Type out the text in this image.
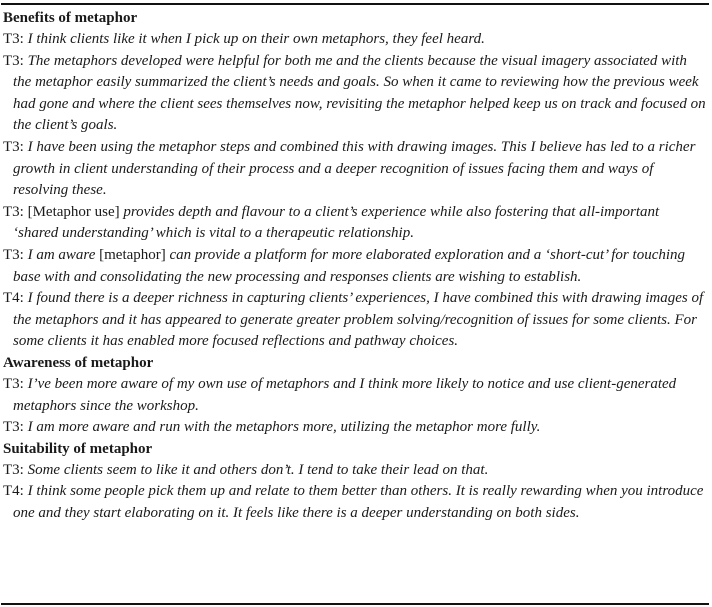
Benefits of metaphor
T3: I think clients like it when I pick up on their own metaphors, they feel heard.
T3: The metaphors developed were helpful for both me and the clients because the visual imagery associated with the metaphor easily summarized the client’s needs and goals. So when it came to reviewing how the previous week had gone and where the client sees themselves now, revisiting the metaphor helped keep us on track and focused on the client’s goals.
T3: I have been using the metaphor steps and combined this with drawing images. This I believe has led to a richer growth in client understanding of their process and a deeper recognition of issues facing them and ways of resolving these.
T3: [Metaphor use] provides depth and flavour to a client’s experience while also fostering that all-important ‘shared understanding’ which is vital to a therapeutic relationship.
T3: I am aware [metaphor] can provide a platform for more elaborated exploration and a ‘short-cut’ for touching base with and consolidating the new processing and responses clients are wishing to establish.
T4: I found there is a deeper richness in capturing clients’ experiences, I have combined this with drawing images of the metaphors and it has appeared to generate greater problem solving/recognition of issues for some clients. For some clients it has enabled more focused reflections and pathway choices.
Awareness of metaphor
T3: I’ve been more aware of my own use of metaphors and I think more likely to notice and use client-generated metaphors since the workshop.
T3: I am more aware and run with the metaphors more, utilizing the metaphor more fully.
Suitability of metaphor
T3: Some clients seem to like it and others don’t. I tend to take their lead on that.
T4: I think some people pick them up and relate to them better than others. It is really rewarding when you introduce one and they start elaborating on it. It feels like there is a deeper understanding on both sides.
